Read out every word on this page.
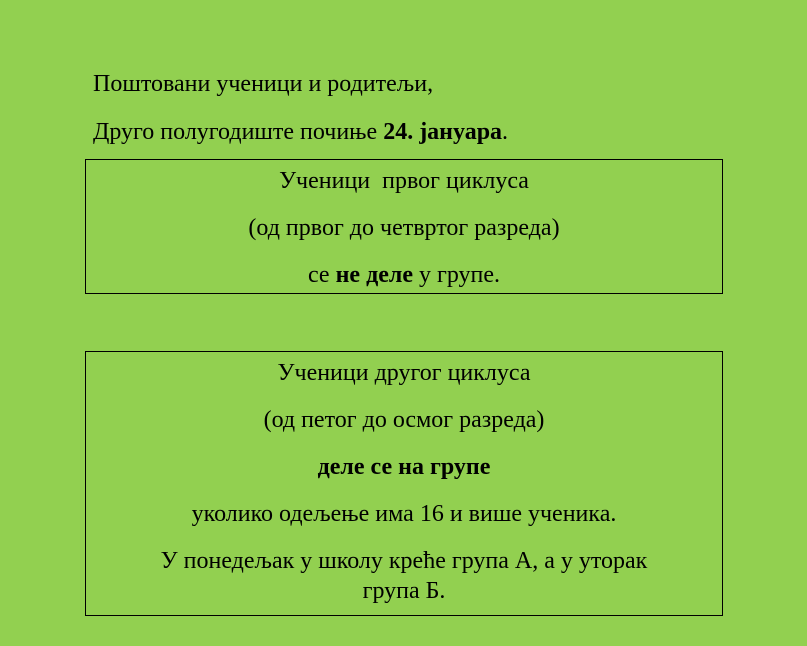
Поштовани ученици и родитељи,
Друго полугодиште почиње 24. јануара.

Ученици  првог циклуса

(од првог до четвртог разреда)

се не деле у групе.

Ученици другог циклуса

(од петог до осмог разреда)

деле се на групе

уколико одељење има 16 и више ученика.

У понедељак у школу креће група А, а у уторак
група Б.
